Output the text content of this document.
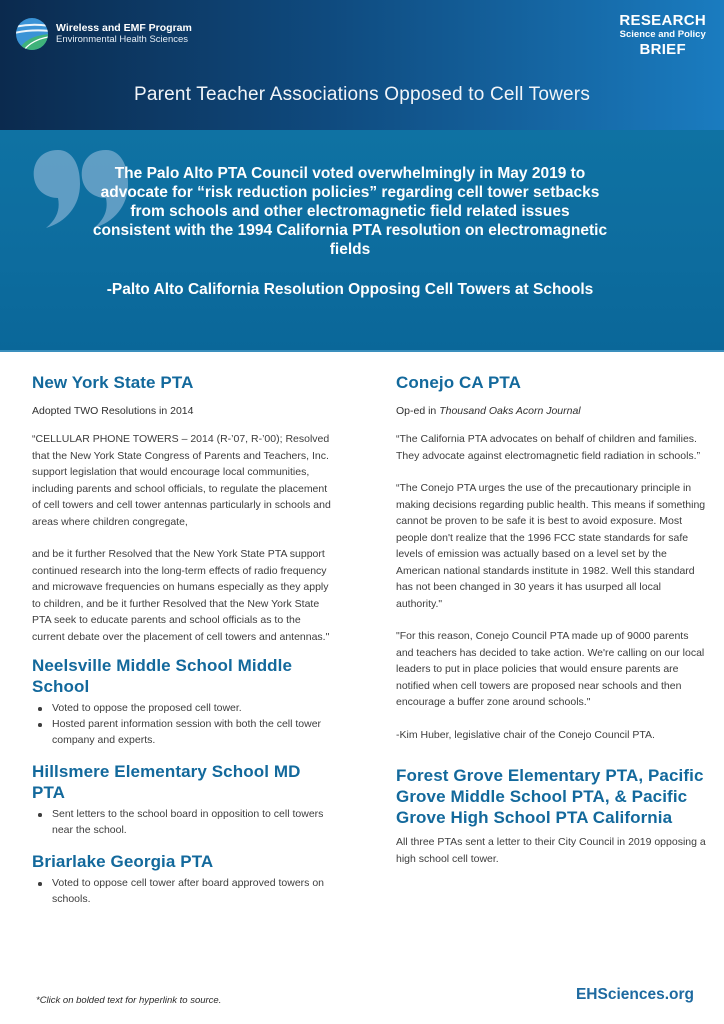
Wireless and EMF Program
Environmental Health Sciences
RESEARCH
Science and Policy
BRIEF
Parent Teacher Associations Opposed to Cell Towers

The Palo Alto PTA Council voted overwhelmingly in May 2019 to advocate for “risk reduction policies” regarding cell tower setbacks from schools and other electromagnetic field related issues consistent with the 1994 California PTA resolution on electromagnetic fields

-Palto Alto California Resolution Opposing Cell Towers at Schools

New York State PTA

Adopted TWO Resolutions in 2014

“CELLULAR PHONE TOWERS – 2014 (R-’07, R-’00); Resolved that the New York State Congress of Parents and Teachers, Inc. support legislation that would encourage local communities, including parents and school officials, to regulate the placement of cell towers and cell tower antennas particularly in schools and areas where children congregate,

and be it further Resolved that the New York State PTA support continued research into the long-term effects of radio frequency and microwave frequencies on humans especially as they apply to children, and be it further Resolved that the New York State PTA seek to educate parents and school officials as to the current debate over the placement of cell towers and antennas."

Neelsville Middle School Middle School
Voted to oppose the proposed cell tower.
Hosted parent information session with both the cell tower company and experts.
Hillsmere Elementary School MD PTA
Sent letters to the school board in opposition to cell towers near the school.
Briarlake Georgia PTA
Voted to oppose cell tower after board approved towers on schools.
Conejo CA PTA

Op-ed in Thousand Oaks Acorn Journal

“The California PTA advocates on behalf of children and families. They advocate against electromagnetic field radiation in schools.”

“The Conejo PTA urges the use of the precautionary principle in making decisions regarding public health. This means if something cannot be proven to be safe it is best to avoid exposure. Most people don't realize that the 1996 FCC state standards for safe levels of emission was actually based on a level set by the American national standards institute in 1982. Well this standard has not been changed in 30 years it has usurped all local authority."

"For this reason, Conejo Council PTA made up of 9000 parents and teachers has decided to take action. We're calling on our local leaders to put in place policies that would ensure parents are notified when cell towers are proposed near schools and then encourage a buffer zone around schools."

-Kim Huber, legislative chair of the Conejo Council PTA.

Forest Grove Elementary PTA, Pacific Grove Middle School PTA, & Pacific Grove High School PTA California

All three PTAs sent a letter to their City Council in 2019 opposing a high school cell tower.

*Click on bolded text for hyperlink to source.	EHSciences.org
